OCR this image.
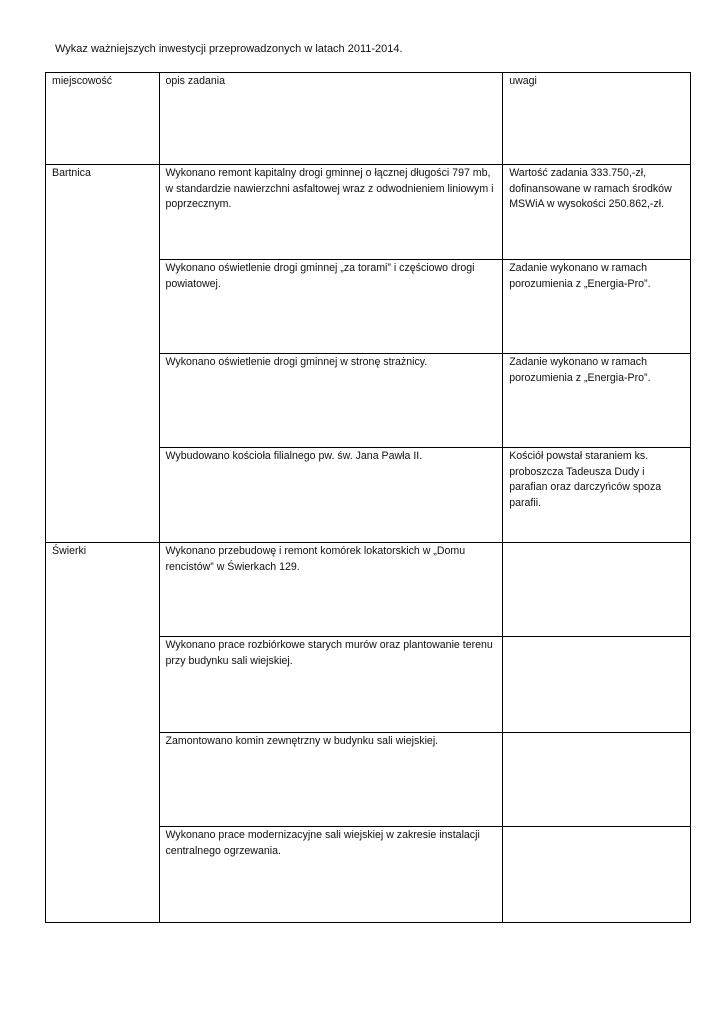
Wykaz ważniejszych inwestycji przeprowadzonych w latach 2011-2014.
miejscowość	opis zadania	uwagi
Bartnica	Wykonano remont kapitalny drogi gminnej o łącznej długości 797 mb, w standardzie nawierzchni asfaltowej wraz z odwodnieniem liniowym i poprzecznym.	Wartość zadania 333.750,-zł, dofinansowane w ramach środków MSWiA w wysokości 250.862,-zł.
	Wykonano oświetlenie drogi gminnej „za torami” i częściowo drogi powiatowej.	Zadanie wykonano w ramach porozumienia z „Energia-Pro”.
	Wykonano oświetlenie drogi gminnej w stronę strażnicy.	Zadanie wykonano w ramach porozumienia z „Energia-Pro”.
	Wybudowano kościoła filialnego pw. św. Jana Pawła II.	Kościół powstał staraniem ks. proboszcza Tadeusza Dudy i parafian oraz darczyńców spoza parafii.
Świerki	Wykonano przebudowę i remont komórek lokatorskich w „Domu rencistów” w Świerkach 129.	
	Wykonano prace rozbiórkowe starych murów oraz plantowanie terenu przy budynku sali wiejskiej.	
	Zamontowano komin zewnętrzny w budynku sali wiejskiej.	
	Wykonano prace modernizacyjne sali wiejskiej w zakresie instalacji centralnego ogrzewania.	
